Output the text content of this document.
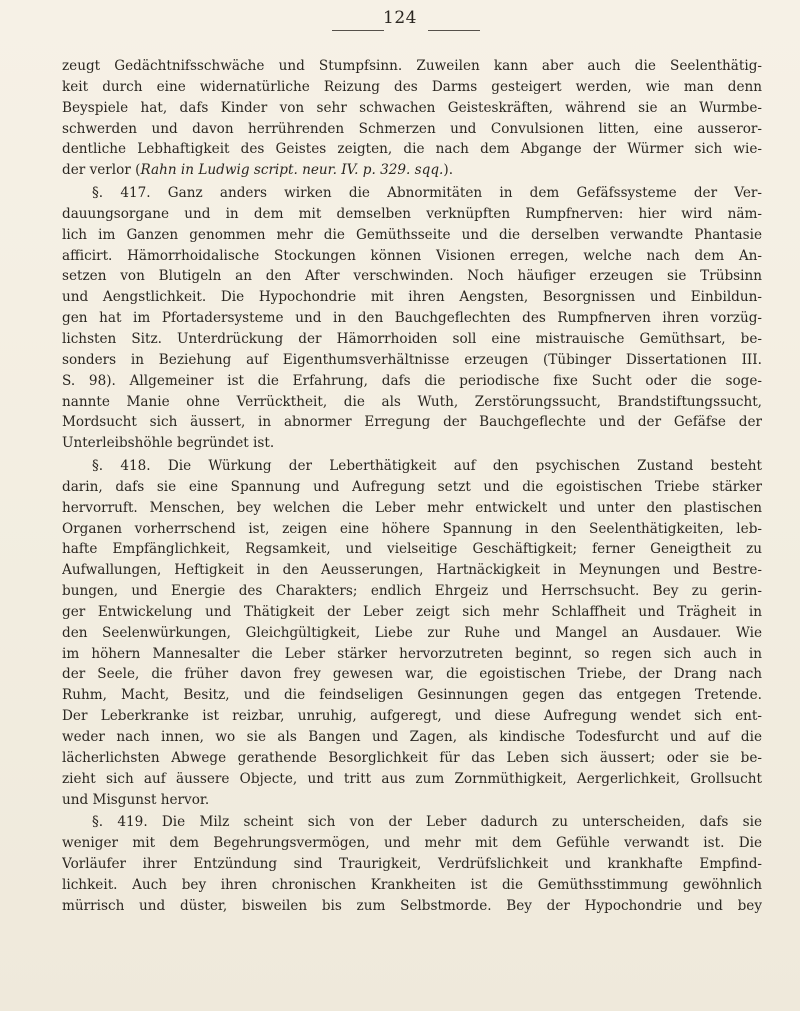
124
zeugt Gedächtnifsschwäche und Stumpfsinn. Zuweilen kann aber auch die Seelenthätig-
keit durch eine widernatürliche Reizung des Darms gesteigert werden, wie man denn
Beyspiele hat, dafs Kinder von sehr schwachen Geisteskräften, während sie an Wurmbe-
schwerden und davon herrührenden Schmerzen und Convulsionen litten, eine ausseror-
dentliche Lebhaftigkeit des Geistes zeigten, die nach dem Abgange der Würmer sich wie-
der verlor (Rahn in Ludwig script. neur. IV. p. 329. sqq.).
§. 417. Ganz anders wirken die Abnormitäten in dem Gefäfssysteme der Ver-
dauungsorgane und in dem mit demselben verknüpften Rumpfnerven: hier wird näm-
lich im Ganzen genommen mehr die Gemüthsseite und die derselben verwandte Phantasie
afficirt. Hämorrhoidalische Stockungen können Visionen erregen, welche nach dem An-
setzen von Blutigeln an den After verschwinden. Noch häufiger erzeugen sie Trübsinn
und Aengstlichkeit. Die Hypochondrie mit ihren Aengsten, Besorgnissen und Einbildun-
gen hat im Pfortadersysteme und in den Bauchgeflechten des Rumpfnerven ihren vorzüg-
lichsten Sitz. Unterdrückung der Hämorrhoiden soll eine mistrauische Gemüthsart, be-
sonders in Beziehung auf Eigenthumsverhältnisse erzeugen (Tübinger Dissertationen III.
S. 98). Allgemeiner ist die Erfahrung, dafs die periodische fixe Sucht oder die soge-
nannte Manie ohne Verrücktheit, die als Wuth, Zerstörungssucht, Brandstiftungssucht,
Mordsucht sich äussert, in abnormer Erregung der Bauchgeflechte und der Gefäfse der
Unterleibshöhle begründet ist.
§. 418. Die Würkung der Leberthätigkeit auf den psychischen Zustand besteht
darin, dafs sie eine Spannung und Aufregung setzt und die egoistischen Triebe stärker
hervorruft. Menschen, bey welchen die Leber mehr entwickelt und unter den plastischen
Organen vorherrschend ist, zeigen eine höhere Spannung in den Seelenthätigkeiten, leb-
hafte Empfänglichkeit, Regsamkeit, und vielseitige Geschäftigkeit; ferner Geneigtheit zu
Aufwallungen, Heftigkeit in den Aeusserungen, Hartnäckigkeit in Meynungen und Bestre-
bungen, und Energie des Charakters; endlich Ehrgeiz und Herrschsucht. Bey zu gerin-
ger Entwickelung und Thätigkeit der Leber zeigt sich mehr Schlaffheit und Trägheit in
den Seelenwürkungen, Gleichgültigkeit, Liebe zur Ruhe und Mangel an Ausdauer. Wie
im höhern Mannesalter die Leber stärker hervorzutreten beginnt, so regen sich auch in
der Seele, die früher davon frey gewesen war, die egoistischen Triebe, der Drang nach
Ruhm, Macht, Besitz, und die feindseligen Gesinnungen gegen das entgegen Tretende.
Der Leberkranke ist reizbar, unruhig, aufgeregt, und diese Aufregung wendet sich ent-
weder nach innen, wo sie als Bangen und Zagen, als kindische Todesfurcht und auf die
lächerlichsten Abwege gerathende Besorglichkeit für das Leben sich äussert; oder sie be-
zieht sich auf äussere Objecte, und tritt aus zum Zornmüthigkeit, Aergerlichkeit, Grollsucht
und Misgunst hervor.
§. 419. Die Milz scheint sich von der Leber dadurch zu unterscheiden, dafs sie
weniger mit dem Begehrungsvermögen, und mehr mit dem Gefühle verwandt ist. Die
Vorläufer ihrer Entzündung sind Traurigkeit, Verdrüfslichkeit und krankhafte Empfind-
lichkeit. Auch bey ihren chronischen Krankheiten ist die Gemüthsstimmung gewöhnlich
mürrisch und düster, bisweilen bis zum Selbstmorde. Bey der Hypochondrie und bey
